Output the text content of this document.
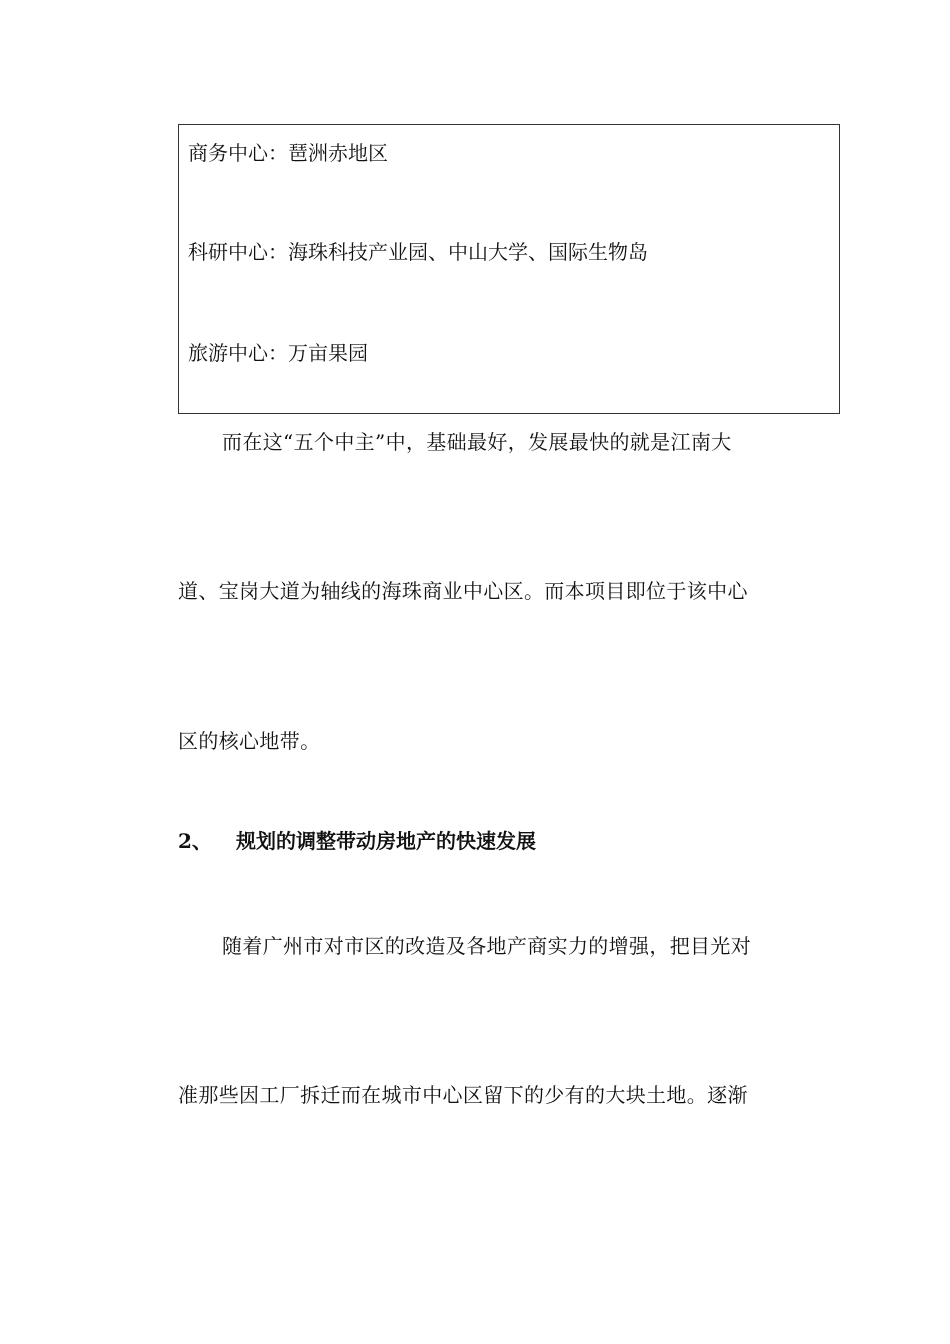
商务中心：琶洲赤地区
科研中心：海珠科技产业园、中山大学、国际生物岛
旅游中心：万亩果园
而在这“五个中主”中，基础最好，发展最快的就是江南大
道、宝岗大道为轴线的海珠商业中心区。而本项目即位于该中心
区的核心地带。
2、 规划的调整带动房地产的快速发展
随着广州市对市区的改造及各地产商实力的增强，把目光对
准那些因工厂拆迁而在城市中心区留下的少有的大块土地。逐渐
